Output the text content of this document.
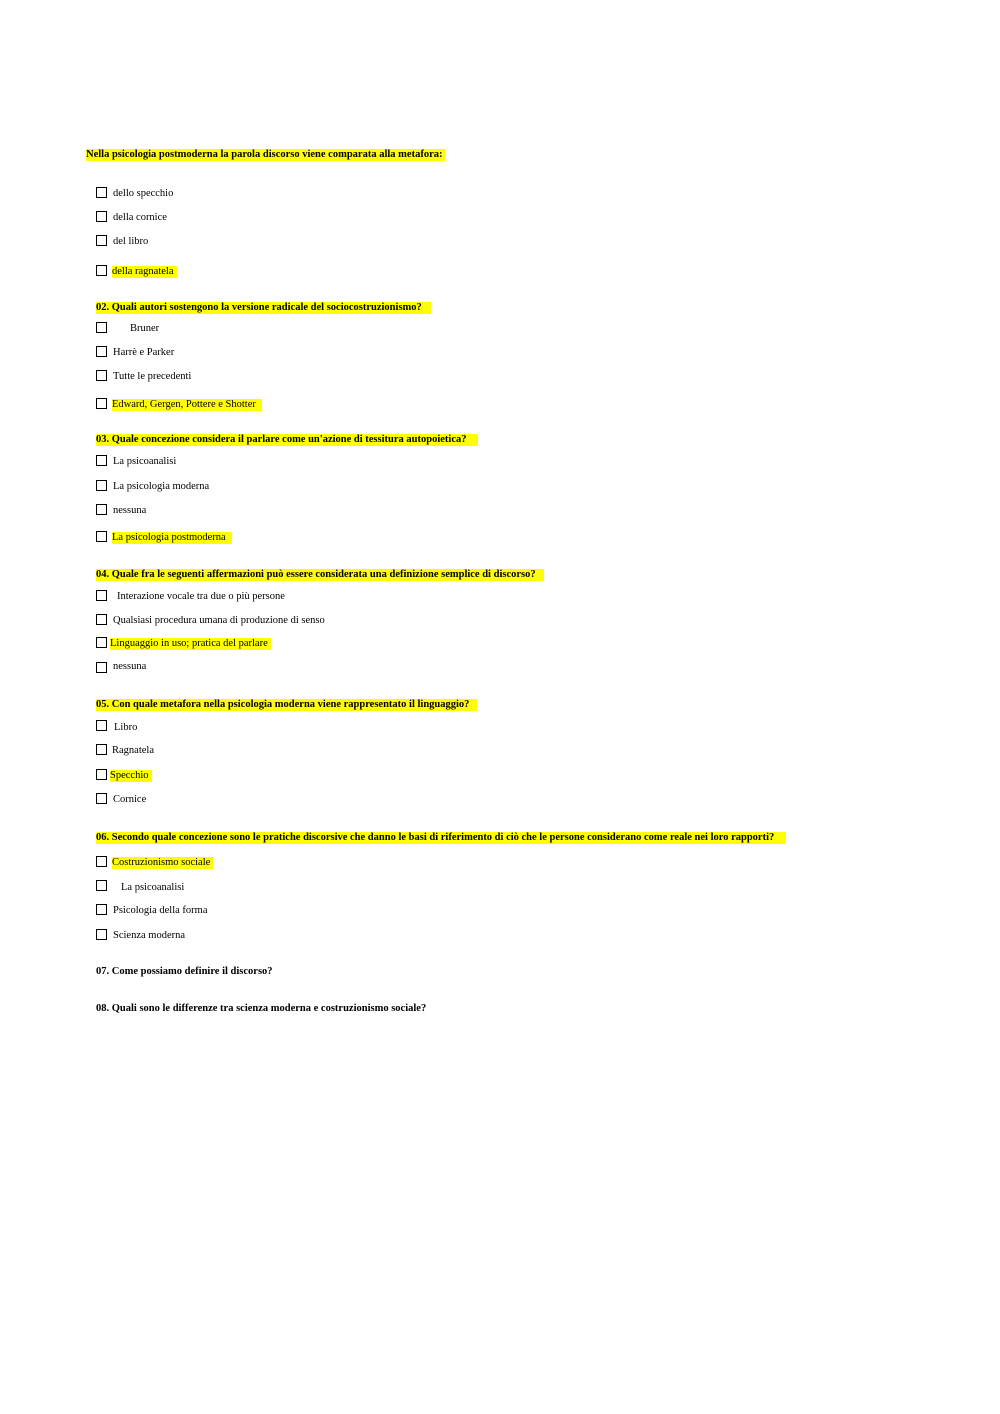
Nella psicologia postmoderna la parola discorso viene comparata alla metafora:
dello specchio
della cornice
del libro
della ragnatela
02. Quali autori sostengono la versione radicale del sociocostruzionismo?
Bruner
Harrè e Parker
Tutte le precedenti
Edward, Gergen, Pottere e Shotter
03. Quale concezione considera il parlare come un'azione di tessitura autopoietica?
La psicoanalisi
La psicologia moderna
nessuna
La psicologia postmoderna
04. Quale fra le seguenti affermazioni può essere considerata una definizione semplice di discorso?
Interazione vocale tra due o più persone
Qualsiasi procedura umana di produzione di senso
Linguaggio in uso; pratica del parlare
nessuna
05. Con quale metafora nella psicologia moderna viene rappresentato il linguaggio?
Libro
Ragnatela
Specchio
Cornice
06. Secondo quale concezione sono le pratiche discorsive che danno le basi di riferimento di ciò che le persone considerano come reale nei loro rapporti?
Costruzionismo sociale
La psicoanalisi
Psicologia della forma
Scienza moderna
07. Come possiamo definire il discorso?
08. Quali sono le differenze tra scienza moderna e costruzionismo sociale?
